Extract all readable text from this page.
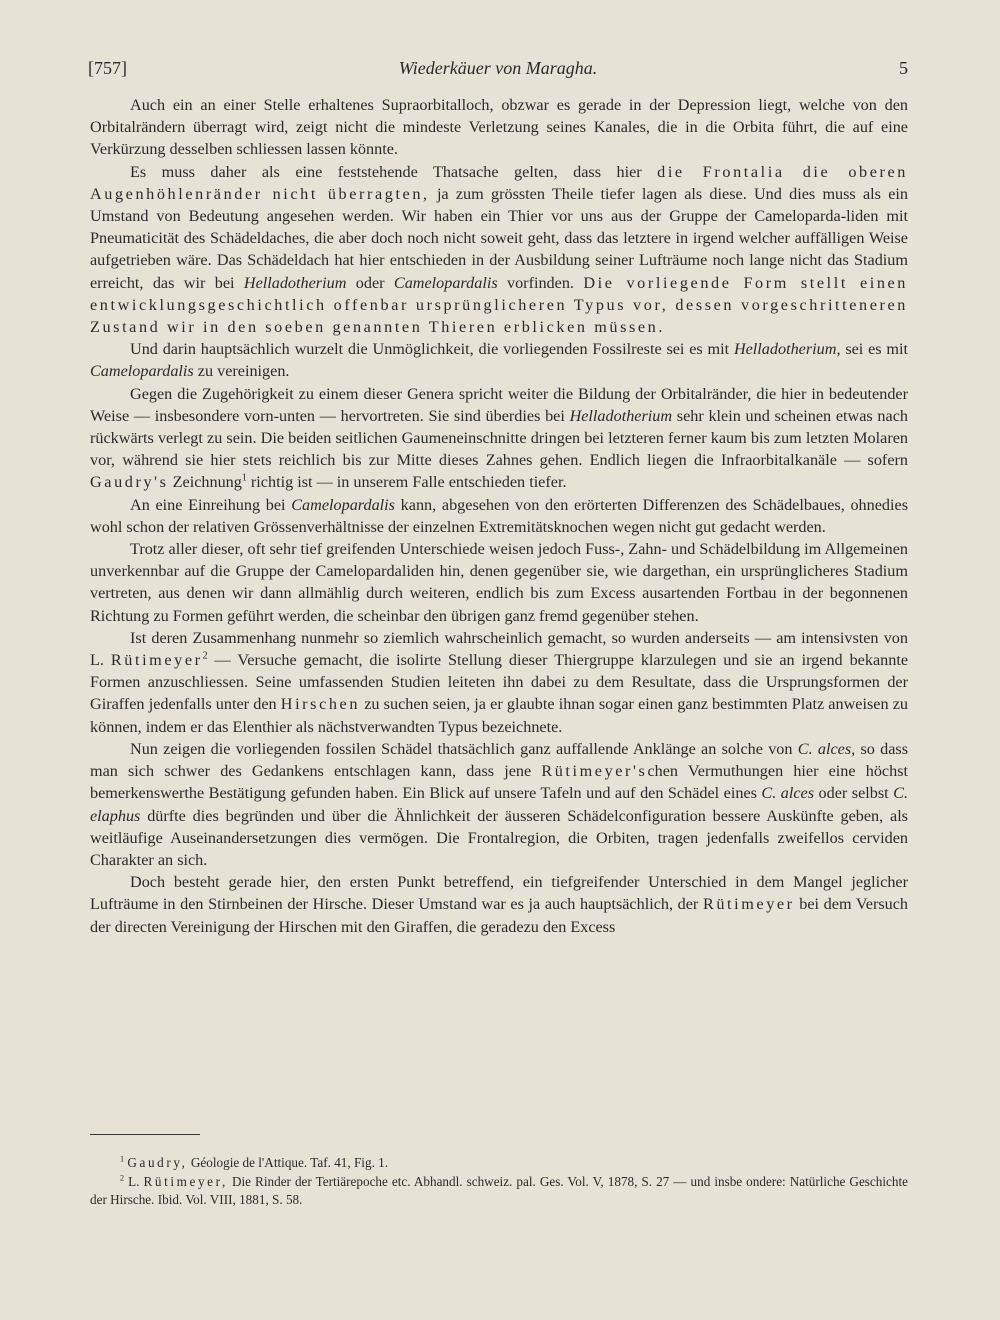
[757]	Wiederkäuer von Maragha.	5

Auch ein an einer Stelle erhaltenes Supraorbitalloch, obzwar es gerade in der Depression liegt, welche von den Orbitalrändern überragt wird, zeigt nicht die mindeste Verletzung seines Kanales, die in die Orbita führt, die auf eine Verkürzung desselben schliessen lassen könnte.

Es muss daher als eine feststehende Thatsache gelten, dass hier die Frontalia die oberen Augenhöhlenränder nicht überragten, ja zum grössten Theile tiefer lagen als diese. Und dies muss als ein Umstand von Bedeutung angesehen werden. Wir haben ein Thier vor uns aus der Gruppe der Cameloparda-liden mit Pneumaticität des Schädeldaches, die aber doch noch nicht soweit geht, dass das letztere in irgend welcher auffälligen Weise aufgetrieben wäre. Das Schädeldach hat hier entschieden in der Ausbildung seiner Lufträume noch lange nicht das Stadium erreicht, das wir bei Helladotherium oder Camelopardalis vorfinden. Die vorliegende Form stellt einen entwicklungsgeschichtlich offenbar ursprünglicheren Typus vor, dessen vorgeschritteneren Zustand wir in den soeben genannten Thieren erblicken müssen.

Und darin hauptsächlich wurzelt die Unmöglichkeit, die vorliegenden Fossilreste sei es mit Helladotherium, sei es mit Camelopardalis zu vereinigen.

Gegen die Zugehörigkeit zu einem dieser Genera spricht weiter die Bildung der Orbitalränder, die hier in bedeutender Weise — insbesondere vorn-unten — hervortreten. Sie sind überdies bei Helladotherium sehr klein und scheinen etwas nach rückwärts verlegt zu sein. Die beiden seitlichen Gaumeneinschnitte dringen bei letzteren ferner kaum bis zum letzten Molaren vor, während sie hier stets reichlich bis zur Mitte dieses Zahnes gehen. Endlich liegen die Infraorbitalkanäle — sofern Gaudry's Zeichnung$^1$ richtig ist — in unserem Falle entschieden tiefer.

An eine Einreihung bei Camelopardalis kann, abgesehen von den erörterten Differenzen des Schädelbaues, ohnedies wohl schon der relativen Grössenverhältnisse der einzelnen Extremitätsknochen wegen nicht gut gedacht werden.

Trotz aller dieser, oft sehr tief greifenden Unterschiede weisen jedoch Fuss-, Zahn- und Schädelbildung im Allgemeinen unverkennbar auf die Gruppe der Camelopardaliden hin, denen gegenüber sie, wie dargethan, ein ursprünglicheres Stadium vertreten, aus denen wir dann allmählig durch weiteren, endlich bis zum Excess ausartenden Fortbau in der begonnenen Richtung zu Formen geführt werden, die scheinbar den übrigen ganz fremd gegenüber stehen.

Ist deren Zusammenhang nunmehr so ziemlich wahrscheinlich gemacht, so wurden anderseits — am intensivsten von L. Rütimeyer$^2$ — Versuche gemacht, die isolirte Stellung dieser Thiergruppe klarzulegen und sie an irgend bekannte Formen anzuschliessen. Seine umfassenden Studien leiteten ihn dabei zu dem Resultate, dass die Ursprungsformen der Giraffen jedenfalls unter den Hirschen zu suchen seien, ja er glaubte ihnan sogar einen ganz bestimmten Platz anweisen zu können, indem er das Elenthier als nächstverwandten Typus bezeichnete.

Nun zeigen die vorliegenden fossilen Schädel thatsächlich ganz auffallende Anklänge an solche von C. alces, so dass man sich schwer des Gedankens entschlagen kann, dass jene Rütimeyer'schen Vermuthungen hier eine höchst bemerkenswerthe Bestätigung gefunden haben. Ein Blick auf unsere Tafeln und auf den Schädel eines C. alces oder selbst C. elaphus dürfte dies begründen und über die Ähnlichkeit der äusseren Schädelconfiguration bessere Auskünfte geben, als weitläufige Auseinandersetzungen dies vermögen. Die Frontalregion, die Orbiten, tragen jedenfalls zweifellos cerviden Charakter an sich.

Doch besteht gerade hier, den ersten Punkt betreffend, ein tiefgreifender Unterschied in dem Mangel jeglicher Lufträume in den Stirnbeinen der Hirsche. Dieser Umstand war es ja auch hauptsächlich, der Rütimeyer bei dem Versuch der directen Vereinigung der Hirschen mit den Giraffen, die geradezu den Excess

$^1$ Gaudry, Géologie de l'Attique. Taf. 41, Fig. 1.

$^2$ L. Rütimeyer, Die Rinder der Tertiärepoche etc. Abhandl. schweiz. pal. Ges. Vol. V, 1878, S. 27 — und insbe ondere: Natürliche Geschichte der Hirsche. Ibid. Vol. VIII, 1881, S. 58.
